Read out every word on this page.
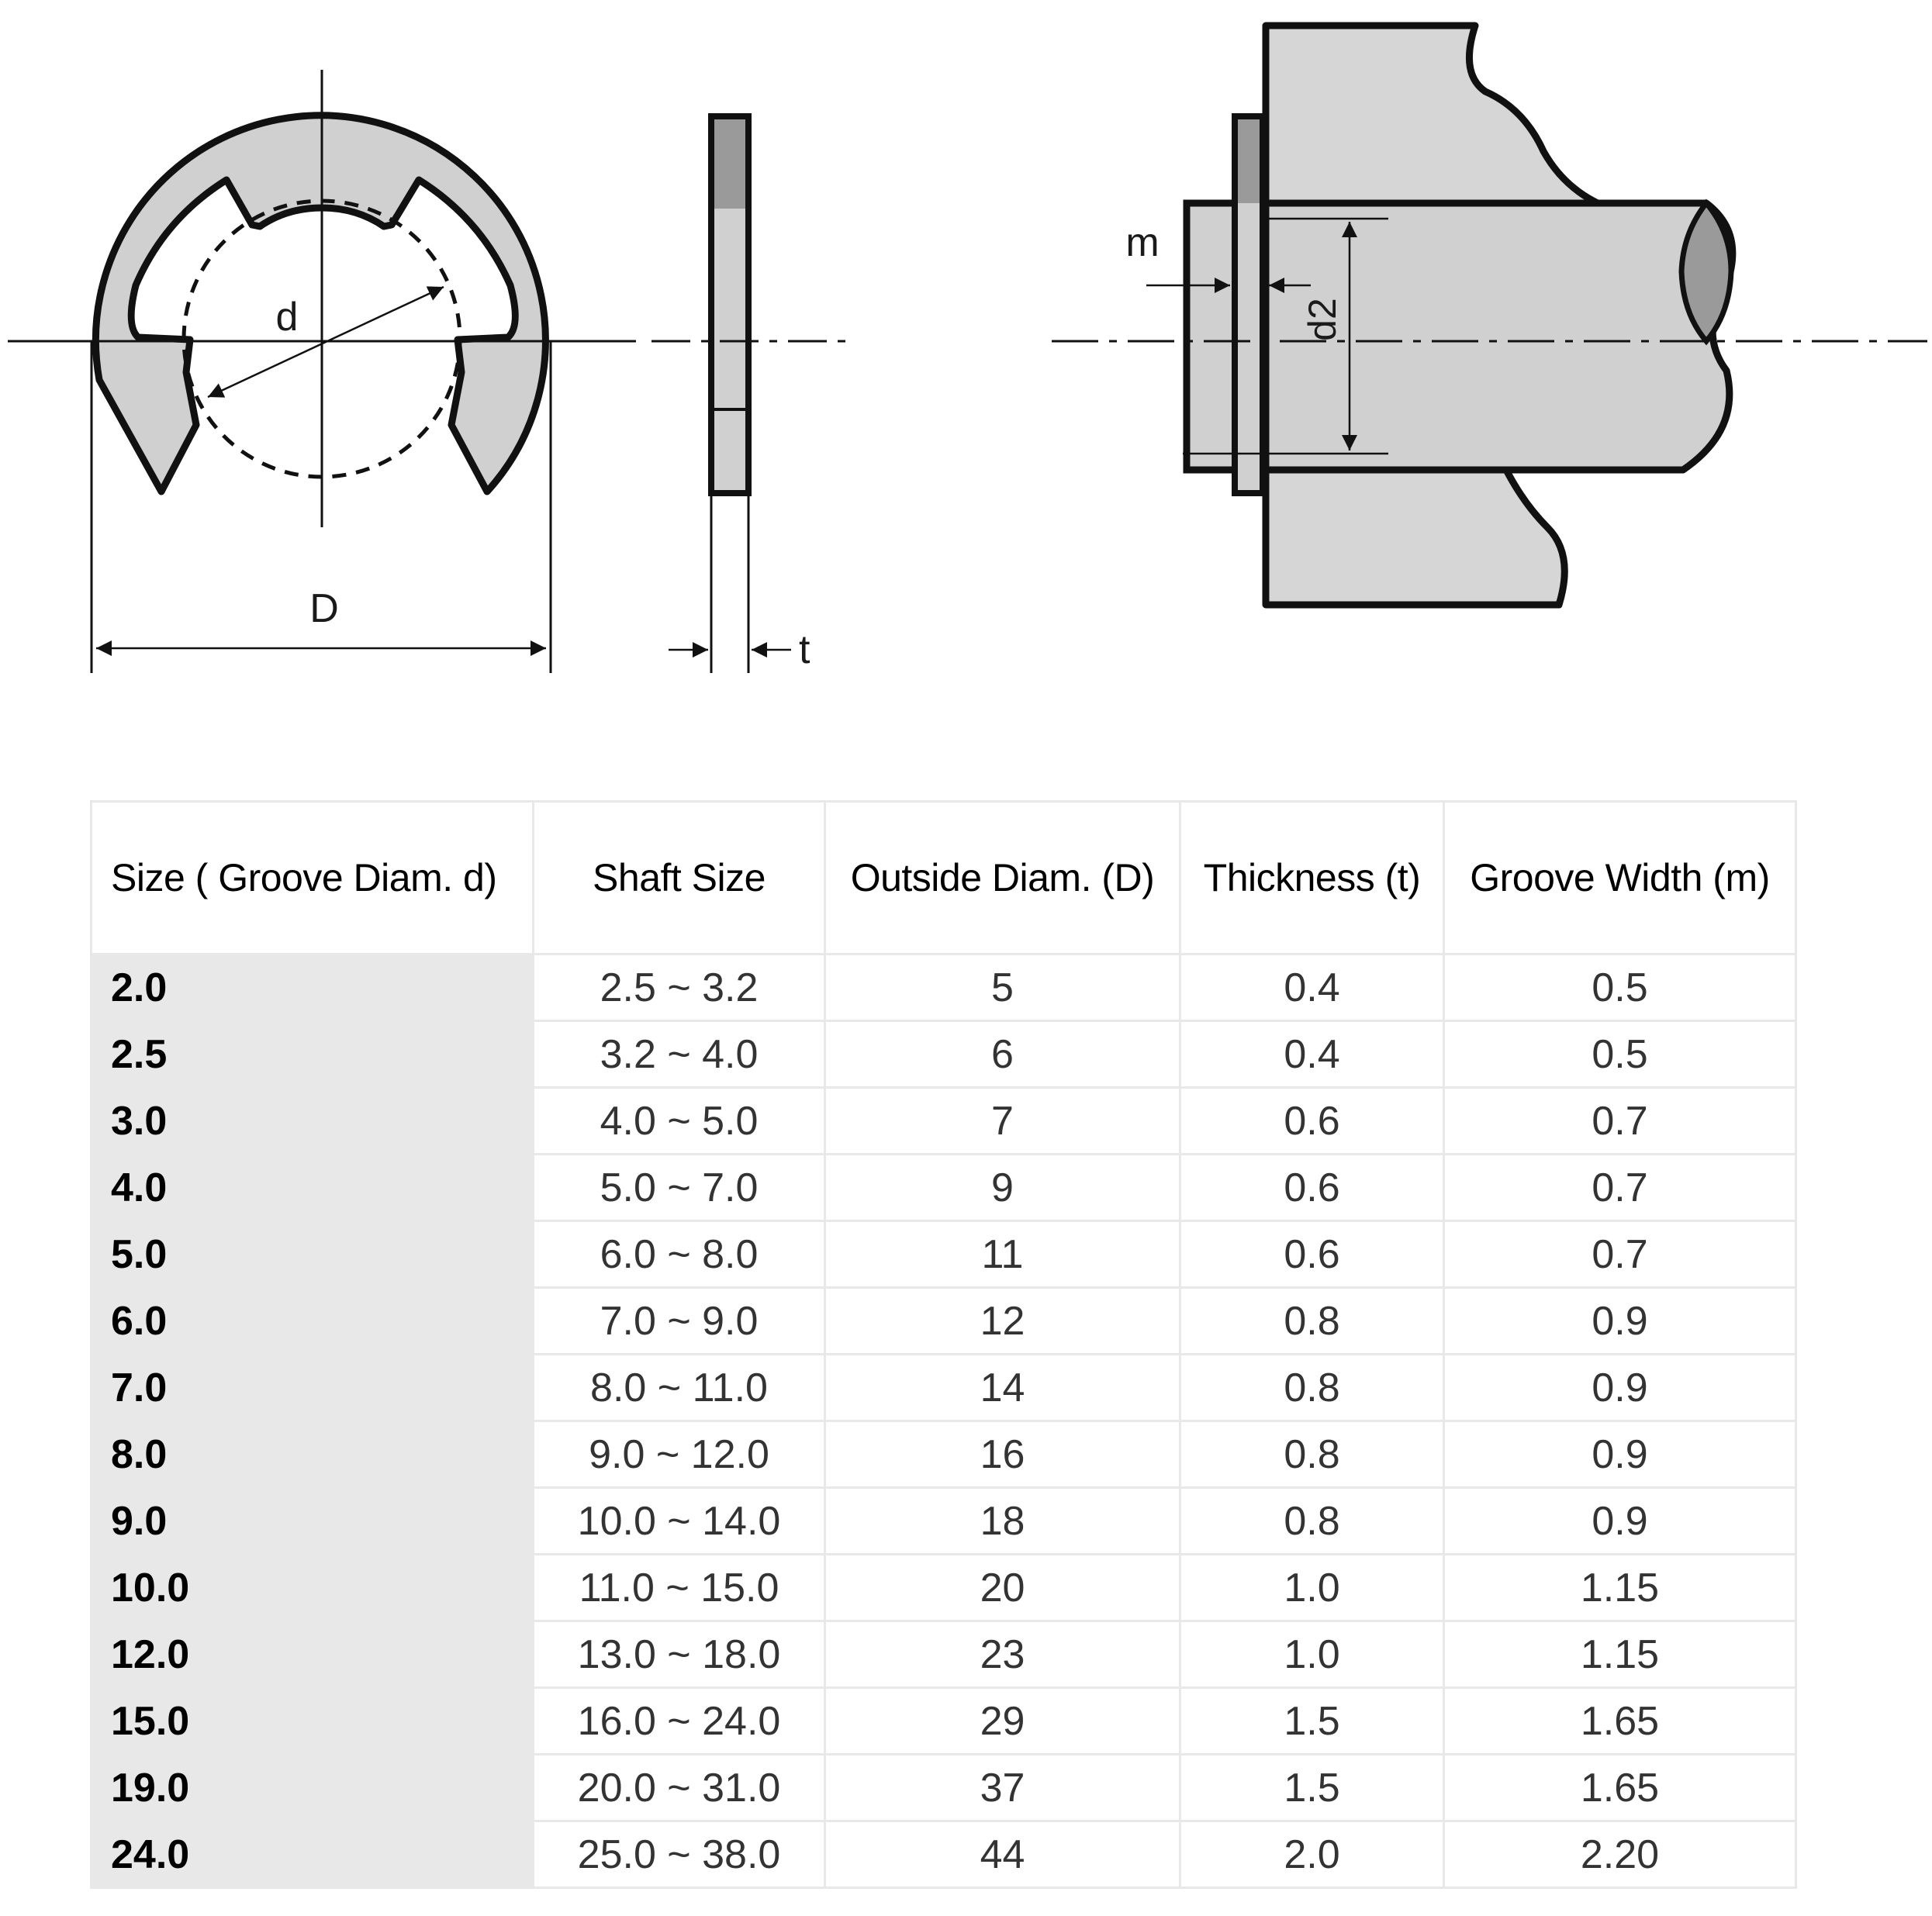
d
D
t
d2
m
Size ( Groove Diam. d)	Shaft Size	Outside Diam. (D)	Thickness (t)	Groove Width (m)
2.0	2.5 ~ 3.2	5	0.4	0.5
2.5	3.2 ~ 4.0	6	0.4	0.5
3.0	4.0 ~ 5.0	7	0.6	0.7
4.0	5.0 ~ 7.0	9	0.6	0.7
5.0	6.0 ~ 8.0	11	0.6	0.7
6.0	7.0 ~ 9.0	12	0.8	0.9
7.0	8.0 ~ 11.0	14	0.8	0.9
8.0	9.0 ~ 12.0	16	0.8	0.9
9.0	10.0 ~ 14.0	18	0.8	0.9
10.0	11.0 ~ 15.0	20	1.0	1.15
12.0	13.0 ~ 18.0	23	1.0	1.15
15.0	16.0 ~ 24.0	29	1.5	1.65
19.0	20.0 ~ 31.0	37	1.5	1.65
24.0	25.0 ~ 38.0	44	2.0	2.20
